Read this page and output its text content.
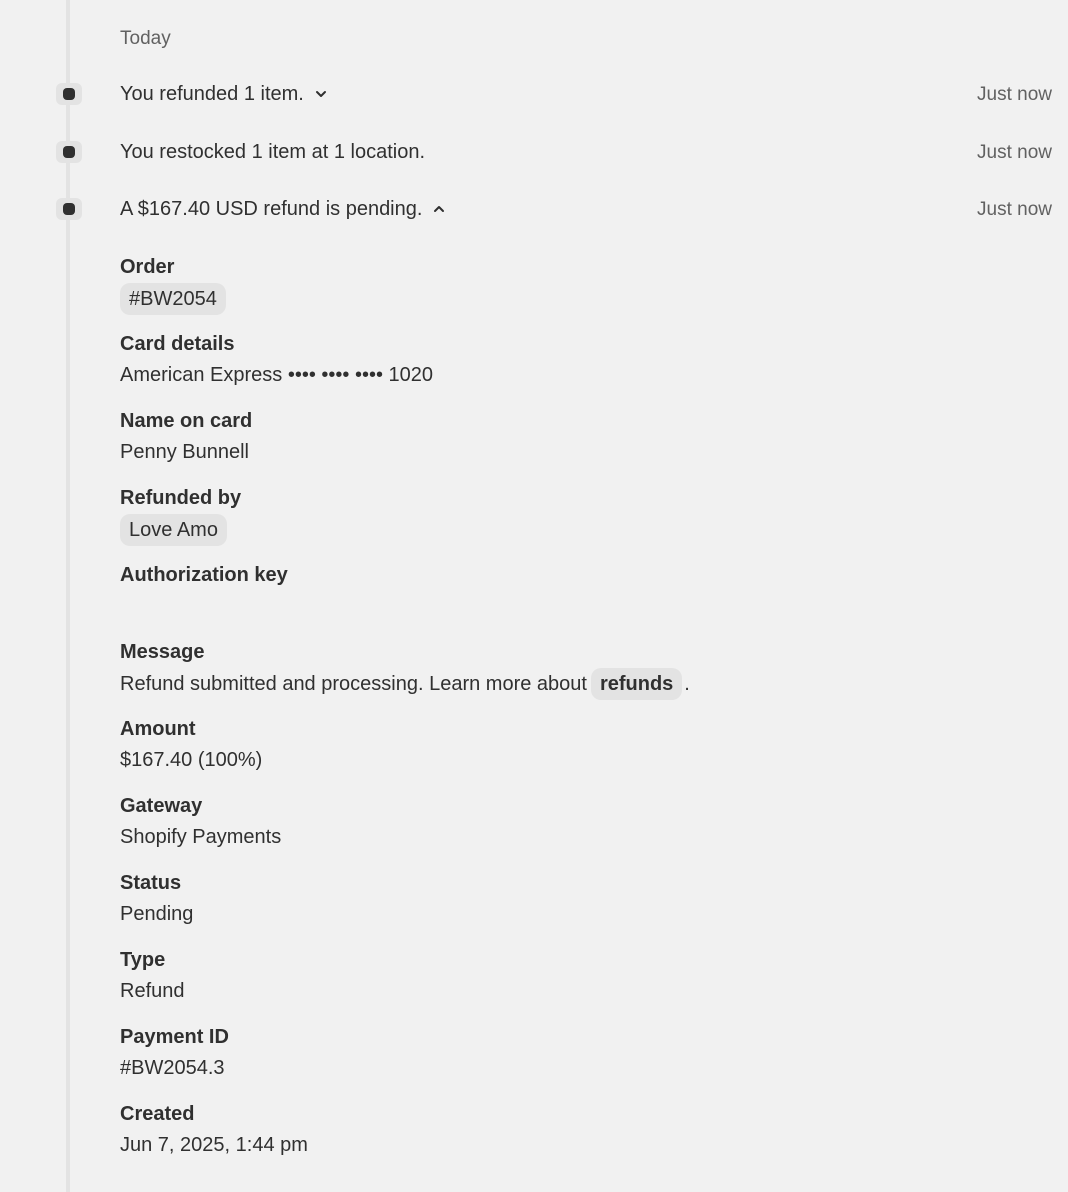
Today
You refunded 1 item.	Just now
You restocked 1 item at 1 location.	Just now
A $167.40 USD refund is pending.	Just now
Order
#BW2054
Card details
American Express •••• •••• •••• 1020
Name on card
Penny Bunnell
Refunded by
Love Amo
Authorization key
Message
Refund submitted and processing. Learn more about refunds .
Amount
$167.40 (100%)
Gateway
Shopify Payments
Status
Pending
Type
Refund
Payment ID
#BW2054.3
Created
Jun 7, 2025, 1:44 pm
